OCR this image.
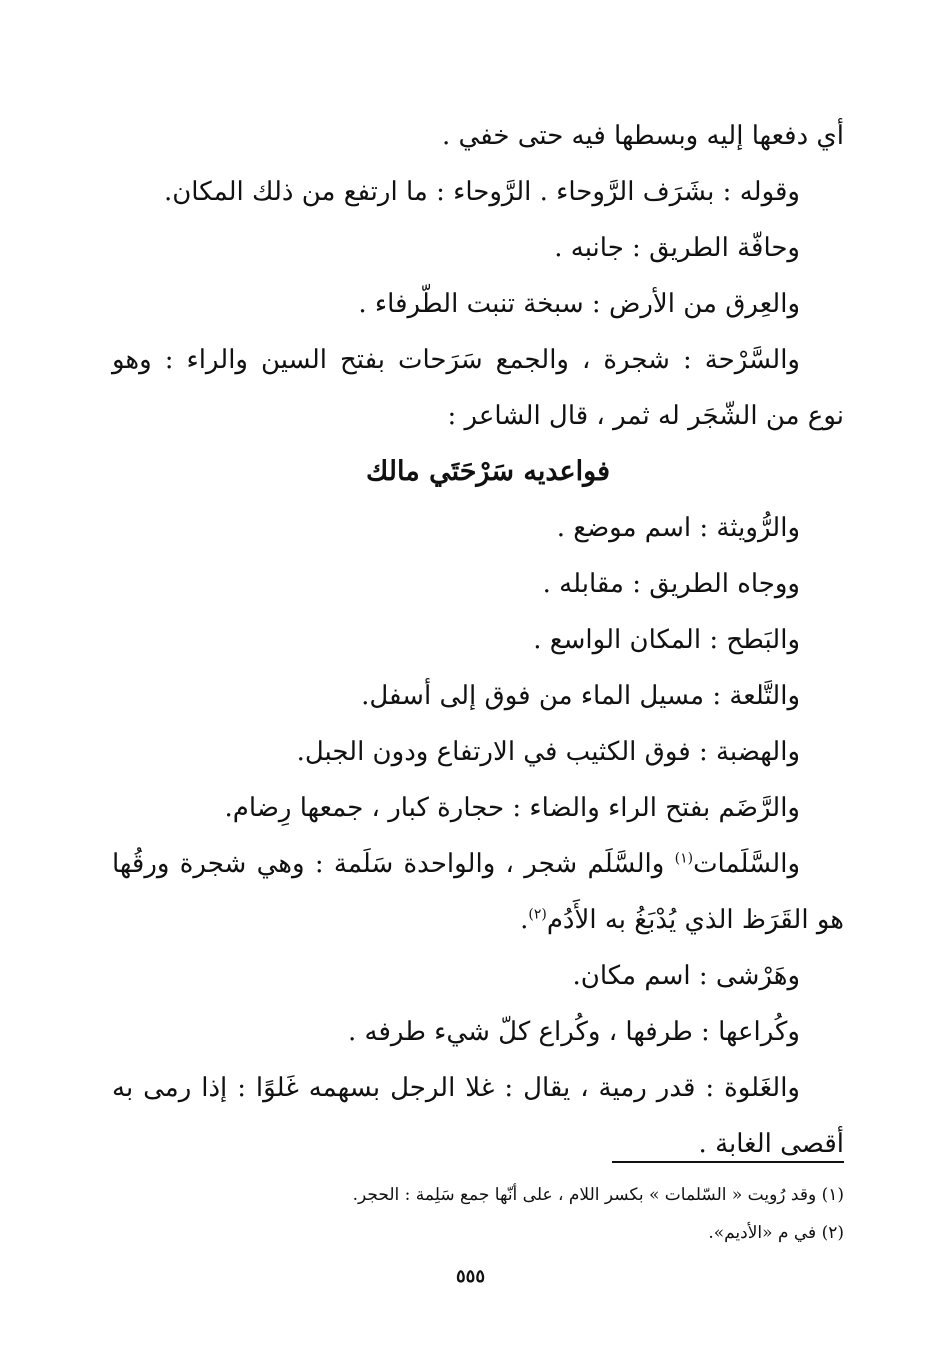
أي دفعها إليه وبسطها فيه حتى خفي .

وقوله : بشَرَف الرَّوحاء . الرَّوحاء : ما ارتفع من ذلك المكان.

وحافّة الطريق : جانبه .

والعِرق من الأرض : سبخة تنبت الطّرفاء .

والسَّرْحة : شجرة ، والجمع سَرَحات بفتح السين والراء : وهو

نوع من الشّجَر له ثمر ، قال الشاعر :

فواعديه سَرْحَتَي مالك

والرُّويثة : اسم موضع .

ووجاه الطريق : مقابله .

والبَطح : المكان الواسع .

والتَّلعة : مسيل الماء من فوق إلى أسفل.

والهضبة : فوق الكثيب في الارتفاع ودون الجبل.

والرَّضَم بفتح الراء والضاء : حجارة كبار ، جمعها رِضام.

والسَّلَمات$^{(١)}$ والسَّلَم شجر ، والواحدة سَلَمة : وهي شجرة ورقُها

هو القَرَظ الذي يُدْبَغُ به الأَدُم$^{(٢)}$.

وهَرْشى : اسم مكان.

وكُراعها : طرفها ، وكُراع كلّ شيء طرفه .

والغَلوة : قدر رمية ، يقال : غلا الرجل بسهمه غَلوًا : إذا رمى به

أقصى الغابة .

(١) وقد رُويت « السّلمات » بكسر اللام ، على أنّها جمع سَلِمة : الحجر.

(٢) في م «الأديم».

٥٥٥
